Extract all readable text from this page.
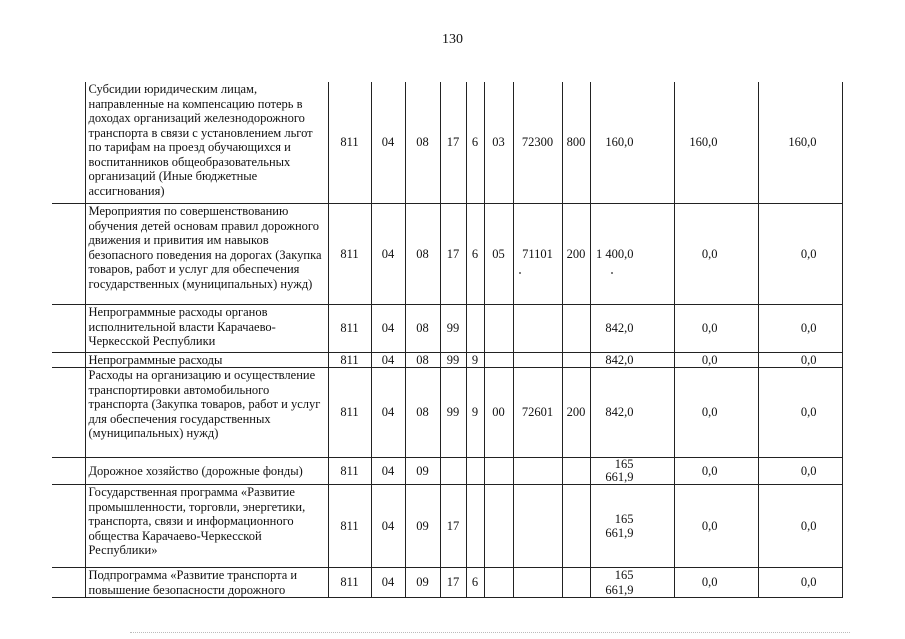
130
	Субсидии юридическим лицам, направленные на компенсацию потерь в доходах организаций железнодорожного транспорта в связи с установлением льгот по тарифам на проезд обучающихся и воспитанников общеобразовательных организаций (Иные бюджетные ассигнования)	811	04	08	17	6	03	72300	800	160,0	160,0	160,0
	Мероприятия по совершенствованию обучения детей основам правил дорожного движения и привития им навыков безопасного поведения на дорогах (Закупка товаров, работ и услуг для обеспечения государственных (муниципальных) нужд)	811	04	08	17	6	05	71101	200	1 400,0	0,0	0,0
	Непрограммные расходы органов исполнительной власти Карачаево-Черкесской Республики	811	04	08	99					842,0	0,0	0,0
	Непрограммные расходы	811	04	08	99	9				842,0	0,0	0,0
	Расходы на организацию и осуществление транспортировки автомобильного транспорта (Закупка товаров, работ и услуг для обеспечения государственных (муниципальных) нужд)	811	04	08	99	9	00	72601	200	842,0	0,0	0,0
	Дорожное хозяйство (дорожные фонды)	811	04	09						165 661,9	0,0	0,0
	Государственная программа «Развитие промышленности, торговли, энергетики, транспорта, связи и информационного общества Карачаево-Черкесской Республики»	811	04	09	17					165 661,9	0,0	0,0
	Подпрограмма «Развитие транспорта и повышение безопасности дорожного	811	04	09	17	6				165 661,9	0,0	0,0
